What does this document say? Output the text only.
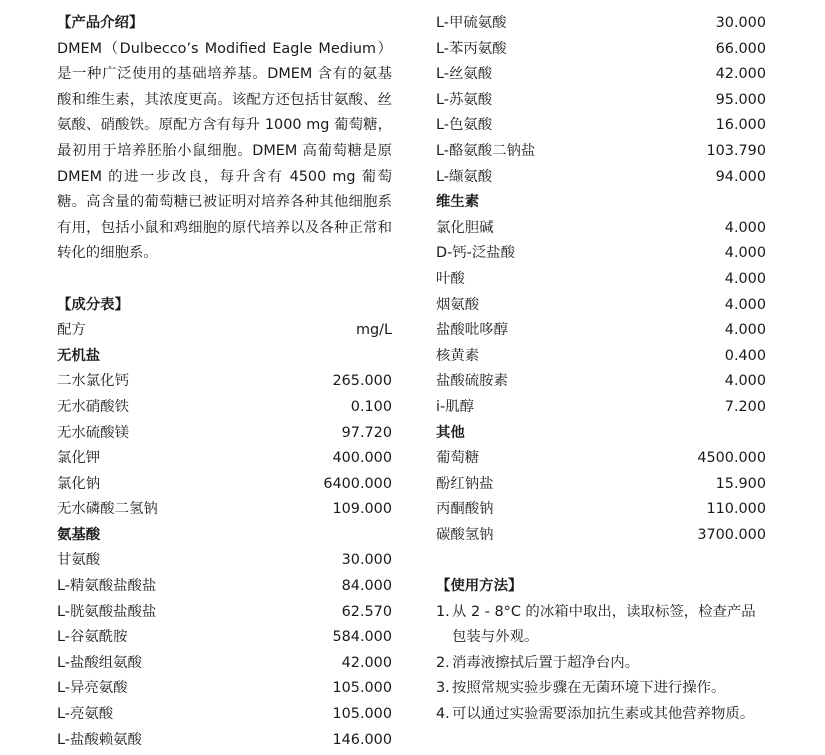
【产品介绍】

DMEM（Dulbecco’s Modified Eagle Medium）是一种广泛使用的基础培养基。DMEM 含有的氨基酸和维生素，其浓度更高。该配方还包括甘氨酸、丝氨酸、硝酸铁。原配方含有每升 1000 mg 葡萄糖，最初用于培养胚胎小鼠细胞。DMEM 高葡萄糖是原 DMEM 的进一步改良，每升含有 4500 mg 葡萄糖。高含量的葡萄糖已被证明对培养各种其他细胞系有用，包括小鼠和鸡细胞的原代培养以及各种正常和转化的细胞系。

【成分表】
配方	mg/L
无机盐
二水氯化钙	265.000
无水硝酸铁	0.100
无水硫酸镁	97.720
氯化钾	400.000
氯化钠	6400.000
无水磷酸二氢钠	109.000
氨基酸
甘氨酸	30.000
L-精氨酸盐酸盐	84.000
L-胱氨酸盐酸盐	62.570
L-谷氨酰胺	584.000
L-盐酸组氨酸	42.000
L-异亮氨酸	105.000
L-亮氨酸	105.000
L-盐酸赖氨酸	146.000
L-甲硫氨酸	30.000
L-苯丙氨酸	66.000
L-丝氨酸	42.000
L-苏氨酸	95.000
L-色氨酸	16.000
L-酪氨酸二钠盐	103.790
L-缬氨酸	94.000
维生素
氯化胆碱	4.000
D-钙-泛盐酸	4.000
叶酸	4.000
烟氨酸	4.000
盐酸吡哆醇	4.000
核黄素	0.400
盐酸硫胺素	4.000
i-肌醇	7.200
其他
葡萄糖	4500.000
酚红钠盐	15.900
丙酮酸钠	110.000
碳酸氢钠	3700.000
【使用方法】
1. 从 2 - 8°C 的冰箱中取出，读取标签，检查产品包装与外观。
2. 消毒液擦拭后置于超净台内。
3. 按照常规实验步骤在无菌环境下进行操作。
4. 可以通过实验需要添加抗生素或其他营养物质。
